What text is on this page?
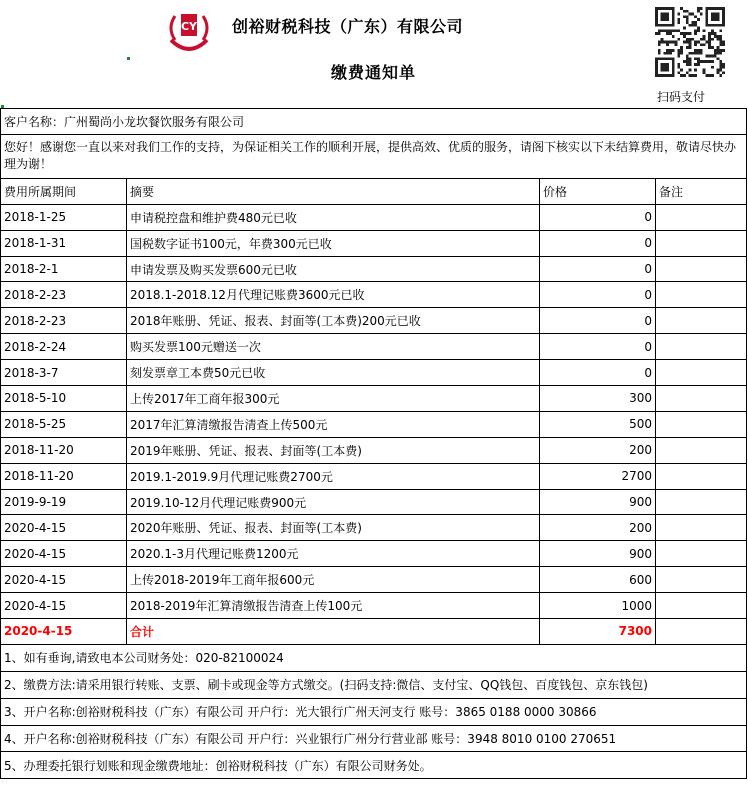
CY 创裕财税科技（广东）有限公司
缴费通知单
扫码支付
客户名称：广州蜀尚小龙坎餐饮服务有限公司			
您好！感谢您一直以来对我们工作的支持，为保证相关工作的顺利开展，提供高效、优质的服务，请阁下核实以下未结算费用，敬请尽快办理为谢！			
费用所属期间	摘要	价格	备注
2018-1-25	申请税控盘和维护费480元已收	0	
2018-1-31	国税数字证书100元，年费300元已收	0	
2018-2-1	申请发票及购买发票600元已收	0	
2018-2-23	2018.1-2018.12月代理记账费3600元已收	0	
2018-2-23	2018年账册、凭证、报表、封面等(工本费)200元已收	0	
2018-2-24	购买发票100元赠送一次	0	
2018-3-7	刻发票章工本费50元已收	0	
2018-5-10	上传2017年工商年报300元	300	
2018-5-25	2017年汇算清缴报告清查上传500元	500	
2018-11-20	2019年账册、凭证、报表、封面等(工本费)	200	
2018-11-20	2019.1-2019.9月代理记账费2700元	2700	
2019-9-19	2019.10-12月代理记账费900元	900	
2020-4-15	2020年账册、凭证、报表、封面等(工本费)	200	
2020-4-15	2020.1-3月代理记账费1200元	900	
2020-4-15	上传2018-2019年工商年报600元	600	
2020-4-15	2018-2019年汇算清缴报告清查上传100元	1000	
2020-4-15	合计	7300	
1、如有垂询,请致电本公司财务处：020-82100024			
2、缴费方法:请采用银行转账、支票、刷卡或现金等方式缴交。(扫码支持:微信、支付宝、QQ钱包、百度钱包、京东钱包)			
3、开户名称:创裕财税科技（广东）有限公司 开户行：光大银行广州天河支行 账号：3865 0188 0000 30866			
4、开户名称:创裕财税科技（广东）有限公司 开户行：兴业银行广州分行营业部 账号：3948 8010 0100 270651			
5、办理委托银行划账和现金缴费地址：创裕财税科技（广东）有限公司财务处。			
